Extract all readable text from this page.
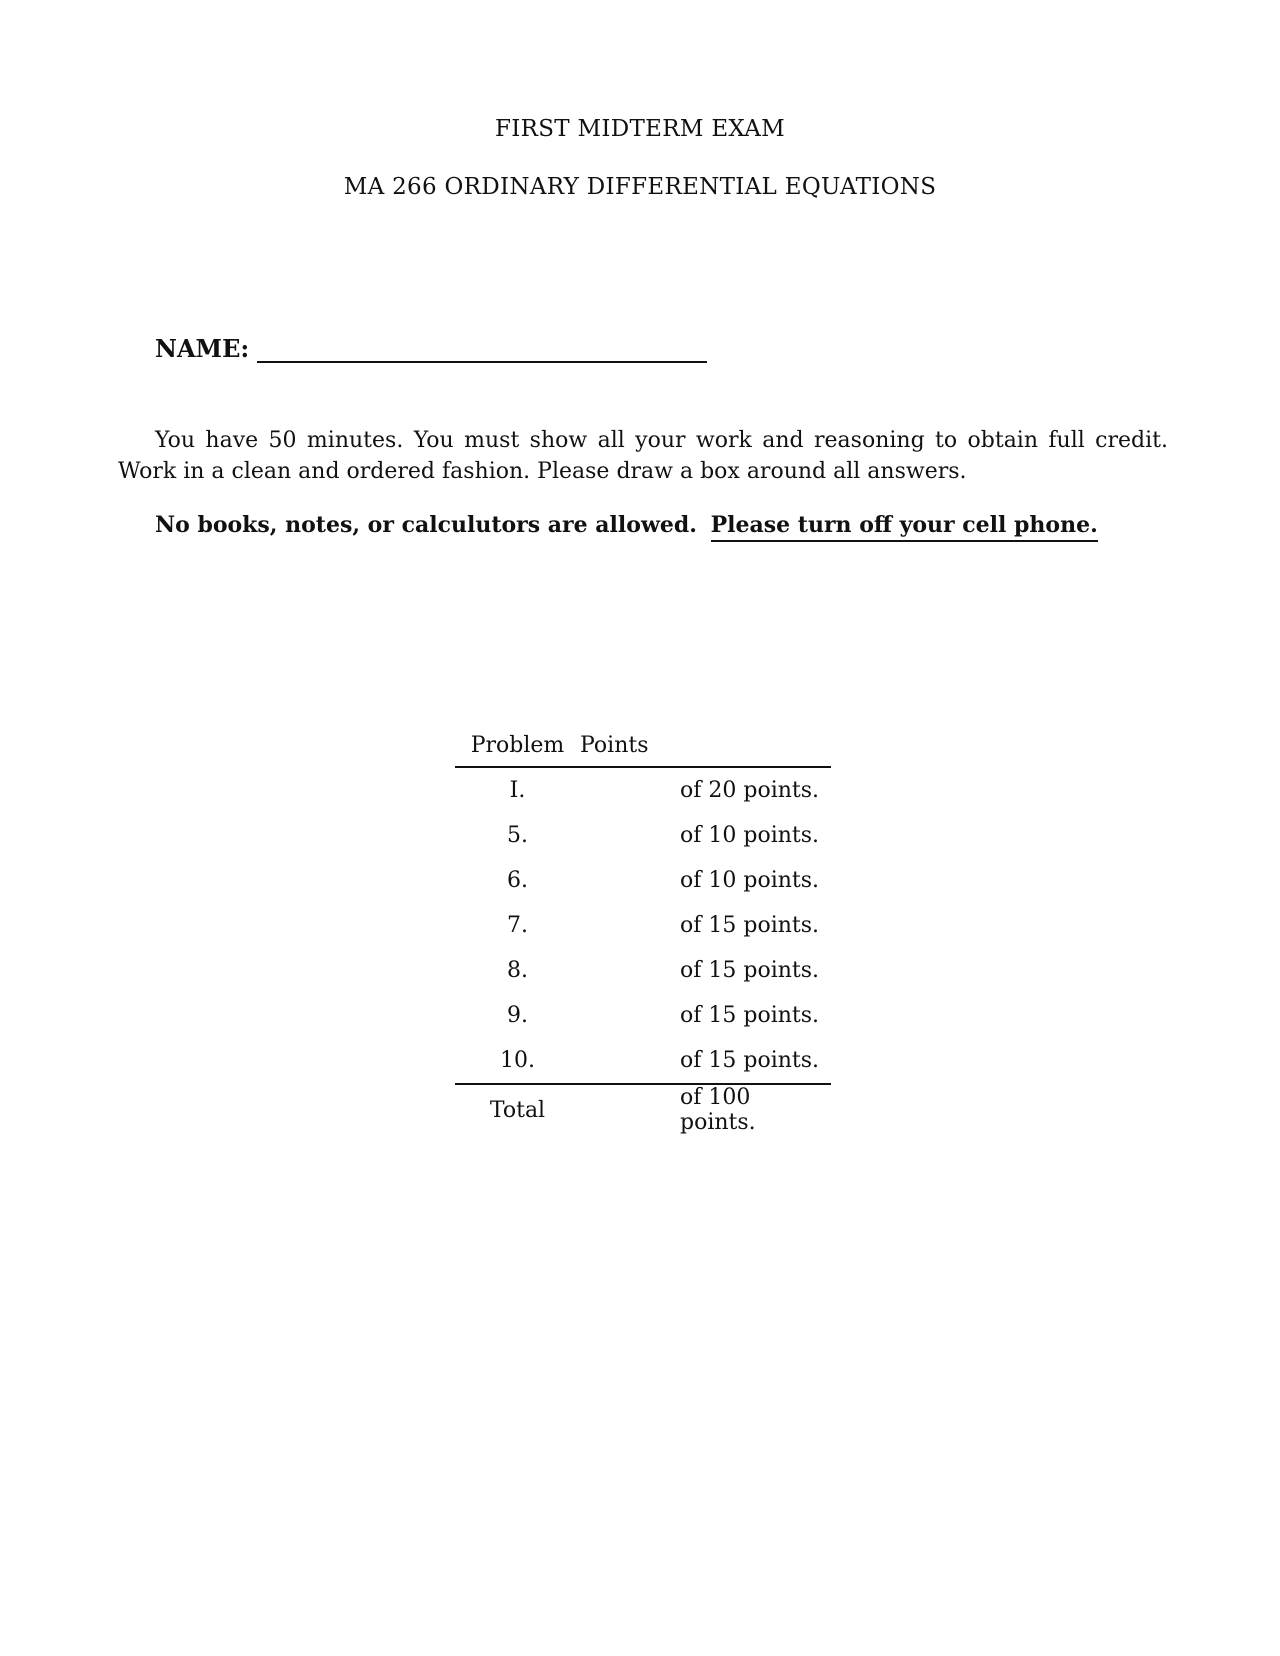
FIRST MIDTERM EXAM
MA 266 ORDINARY DIFFERENTIAL EQUATIONS
NAME:

You have 50 minutes. You must show all your work and reasoning to obtain full credit. Work in a clean and ordered fashion. Please draw a box around all answers.

No books, notes, or calculutors are allowed. Please turn off your cell phone.
Problem	Points	
I.		of 20 points.
5.		of 10 points.
6.		of 10 points.
7.		of 15 points.
8.		of 15 points.
9.		of 15 points.
10.		of 15 points.
Total		of 100 points.
